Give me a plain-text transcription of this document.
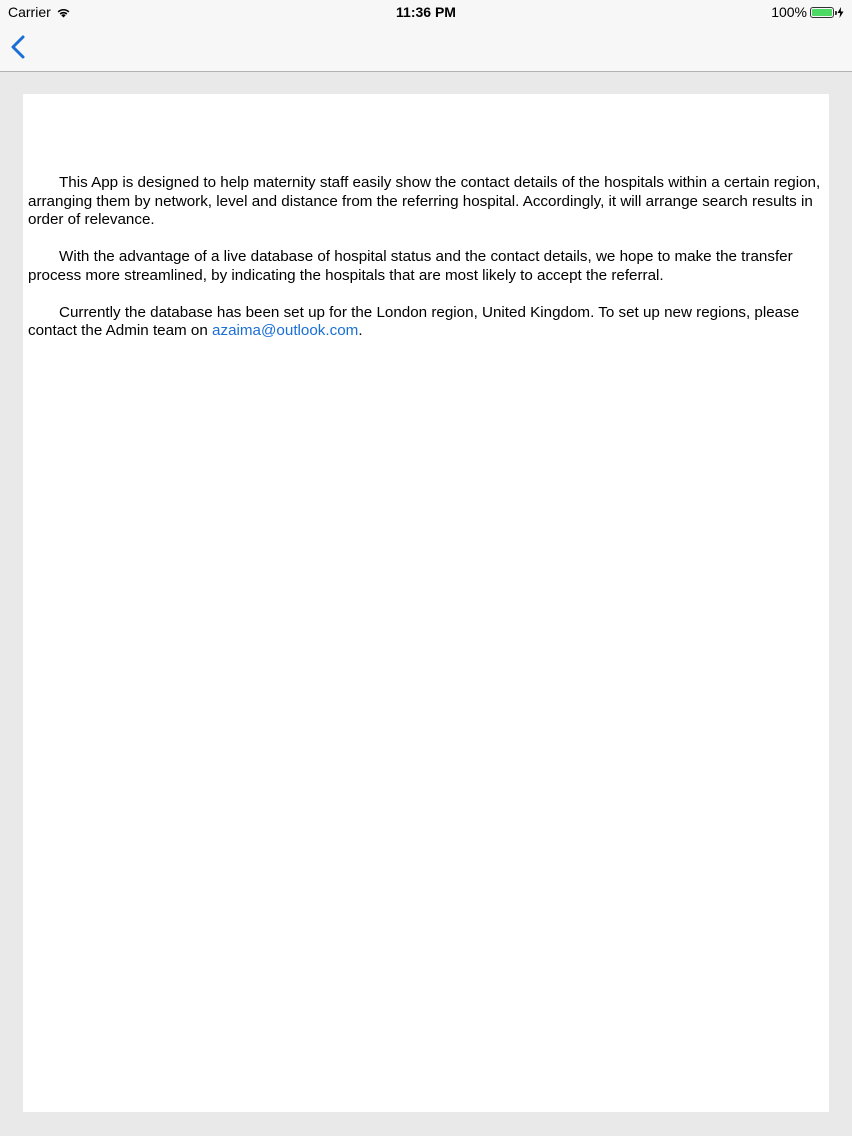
Carrier	11:36 PM	100%

This App is designed to help maternity staff easily show the contact details of the hospitals within a certain region, arranging them by network, level and distance from the referring hospital. Accordingly, it will arrange search results in order of relevance.

With the advantage of a live database of hospital status and the contact details, we hope to make the transfer process more streamlined, by indicating the hospitals that are most likely to accept the referral.

Currently the database has been set up for the London region, United Kingdom. To set up new regions, please contact the Admin team on azaima@outlook.com.
